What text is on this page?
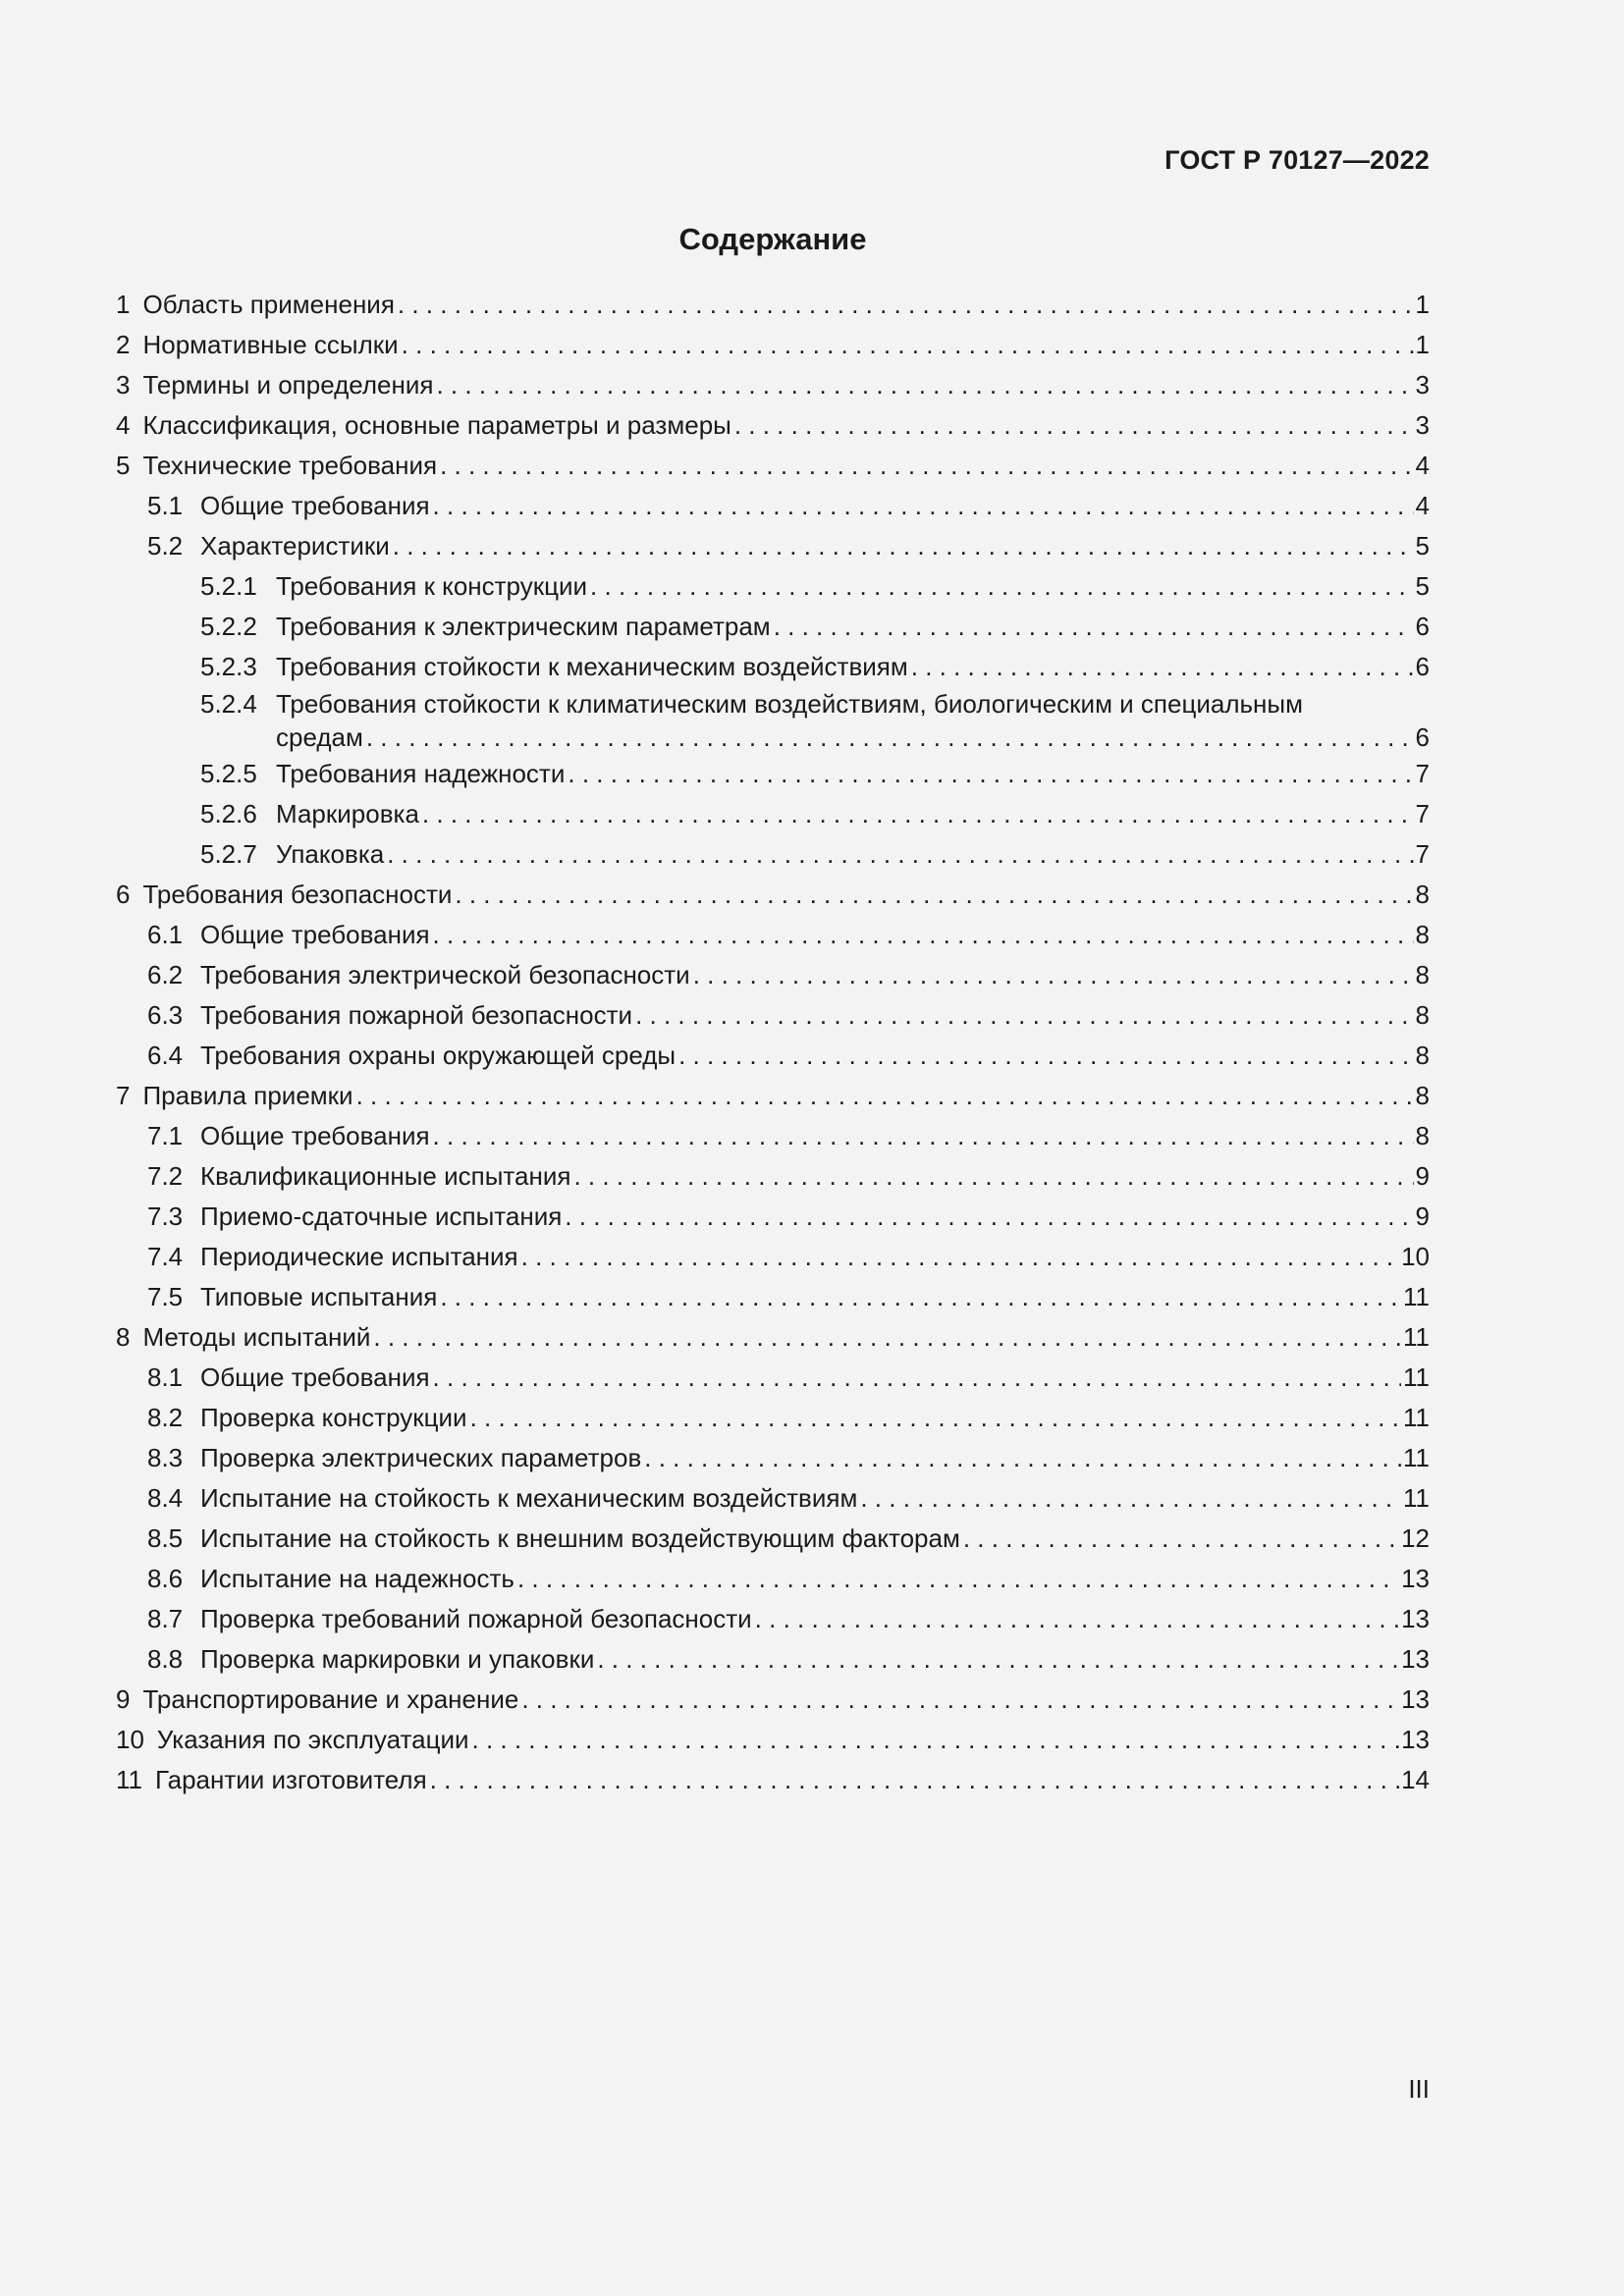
ГОСТ Р 70127—2022
Содержание
1 Область применения . . .	1
2 Нормативные ссылки . . .	1
3 Термины и определения . . .	3
4 Классификация, основные параметры и размеры . . .	3
5 Технические требования . . .	4
5.1 Общие требования . . .	4
5.2 Характеристики . . .	5
5.2.1 Требования к конструкции . . .	5
5.2.2 Требования к электрическим параметрам . . .	6
5.2.3 Требования стойкости к механическим воздействиям . . .	6
5.2.4 Требования стойкости к климатическим воздействиям, биологическим и специальным
средам . . .	6
5.2.5 Требования надежности . . .	7
5.2.6 Маркировка . . .	7
5.2.7 Упаковка . . .	7
6 Требования безопасности . . .	8
6.1 Общие требования . . .	8
6.2 Требования электрической безопасности . . .	8
6.3 Требования пожарной безопасности . . .	8
6.4 Требования охраны окружающей среды . . .	8
7 Правила приемки . . .	8
7.1 Общие требования . . .	8
7.2 Квалификационные испытания . . .	9
7.3 Приемо-сдаточные испытания . . .	9
7.4 Периодические испытания . . .	10
7.5 Типовые испытания . . .	11
8 Методы испытаний . . .	11
8.1 Общие требования . . .	11
8.2 Проверка конструкции . . .	11
8.3 Проверка электрических параметров . . .	11
8.4 Испытание на стойкость к механическим воздействиям . . .	11
8.5 Испытание на стойкость к внешним воздействующим факторам . . .	12
8.6 Испытание на надежность . . .	13
8.7 Проверка требований пожарной безопасности . . .	13
8.8 Проверка маркировки и упаковки . . .	13
9 Транспортирование и хранение . . .	13
10 Указания по эксплуатации . . .	13
11 Гарантии изготовителя . . .	14
III
